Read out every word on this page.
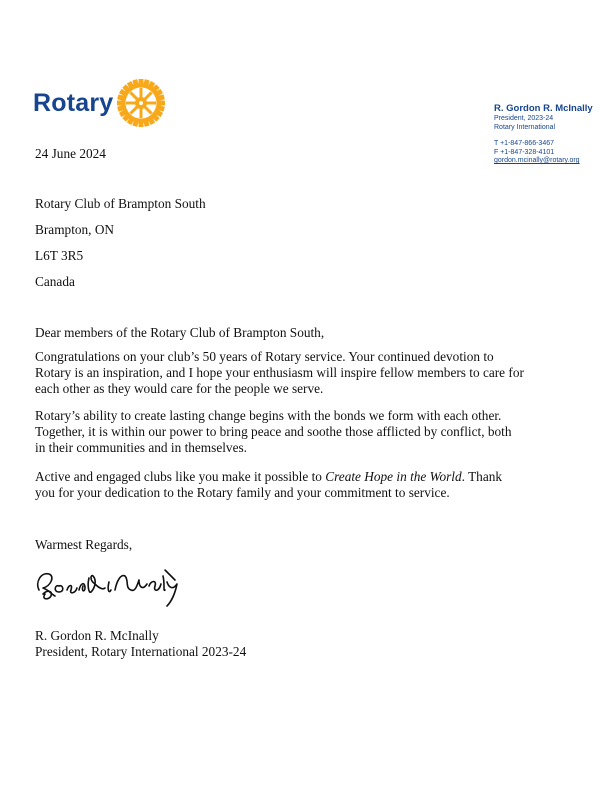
Rotary	R. Gordon R. McInally
President, 2023-24
Rotary International
T +1-847-866-3467
F +1-847-328-4101
gordon.mcinally@rotary.org
24 June 2024
Rotary Club of Brampton South
Brampton, ON
L6T 3R5
Canada
Dear members of the Rotary Club of Brampton South,

Congratulations on your club’s 50 years of Rotary service. Your continued devotion to Rotary is an inspiration, and I hope your enthusiasm will inspire fellow members to care for each other as they would care for the people we serve.

Rotary’s ability to create lasting change begins with the bonds we form with each other. Together, it is within our power to bring peace and soothe those afflicted by conflict, both in their communities and in themselves.

Active and engaged clubs like you make it possible to Create Hope in the World. Thank you for your dedication to the Rotary family and your commitment to service.

Warmest Regards,
R. Gordon R. McInally
President, Rotary International 2023-24
